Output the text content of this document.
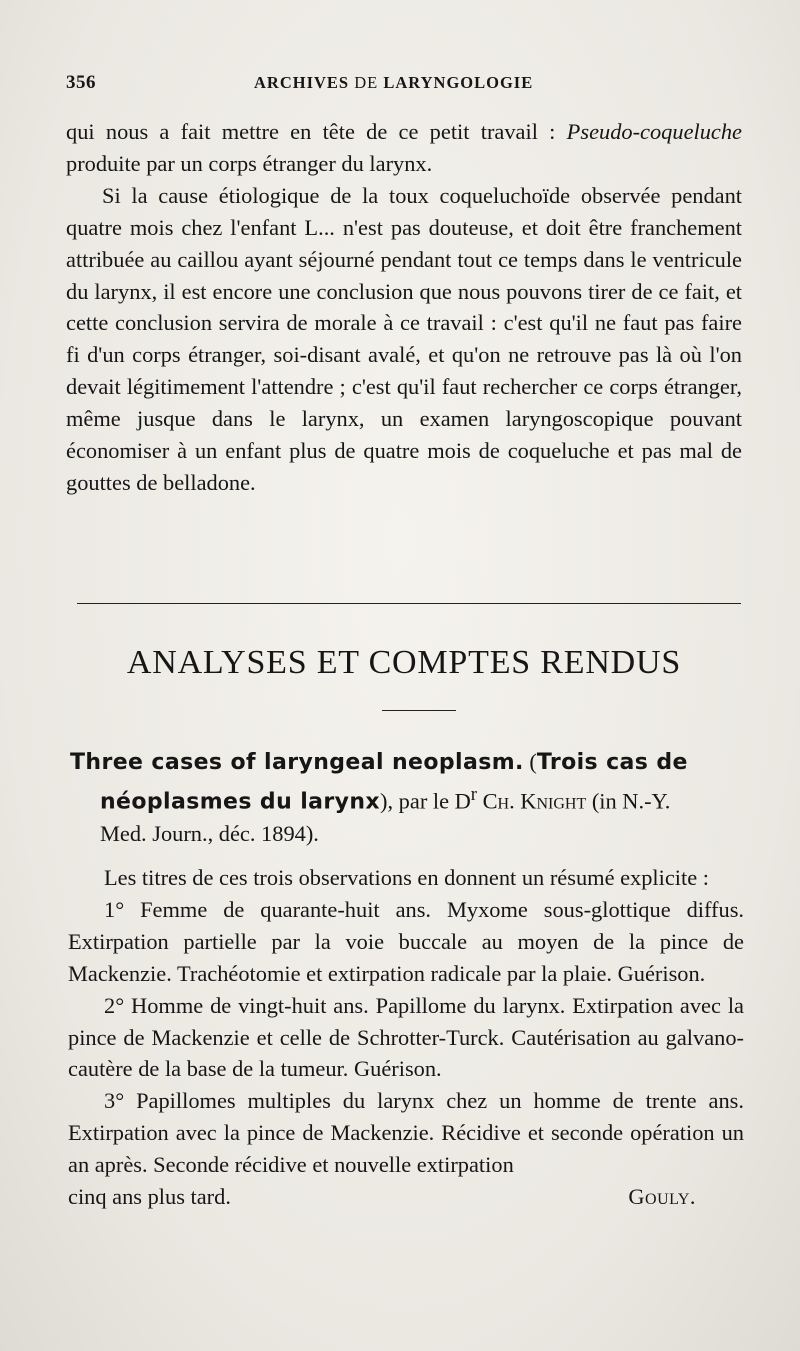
356	ARCHIVES DE LARYNGOLOGIE

qui nous a fait mettre en tête de ce petit travail : Pseudo-coqueluche produite par un corps étranger du larynx.

Si la cause étiologique de la toux coqueluchoïde observée pendant quatre mois chez l'enfant L... n'est pas douteuse, et doit être franchement attribuée au caillou ayant séjourné pendant tout ce temps dans le ventricule du larynx, il est encore une conclusion que nous pouvons tirer de ce fait, et cette conclusion servira de morale à ce travail : c'est qu'il ne faut pas faire fi d'un corps étranger, soi-disant avalé, et qu'on ne retrouve pas là où l'on devait légitimement l'attendre ; c'est qu'il faut rechercher ce corps étranger, même jusque dans le larynx, un examen laryngoscopique pouvant économiser à un enfant plus de quatre mois de coqueluche et pas mal de gouttes de belladone.

ANALYSES ET COMPTES RENDUS
Three cases of laryngeal neoplasm. (Trois cas de
néoplasmes du larynx), par le $D^r$ Ch. Knight (in N.-Y.
Med. Journ., déc. 1894).

Les titres de ces trois observations en donnent un résumé explicite :

1° Femme de quarante-huit ans. Myxome sous-glottique diffus. Extirpation partielle par la voie buccale au moyen de la pince de Mackenzie. Trachéotomie et extirpation radicale par la plaie. Guérison.

2° Homme de vingt-huit ans. Papillome du larynx. Extirpation avec la pince de Mackenzie et celle de Schrotter-Turck. Cautérisation au galvano-cautère de la base de la tumeur. Guérison.

3° Papillomes multiples du larynx chez un homme de trente ans. Extirpation avec la pince de Mackenzie. Récidive et seconde opération un an après. Seconde récidive et nouvelle extirpation

cinq ans plus tard.	Gouly.
